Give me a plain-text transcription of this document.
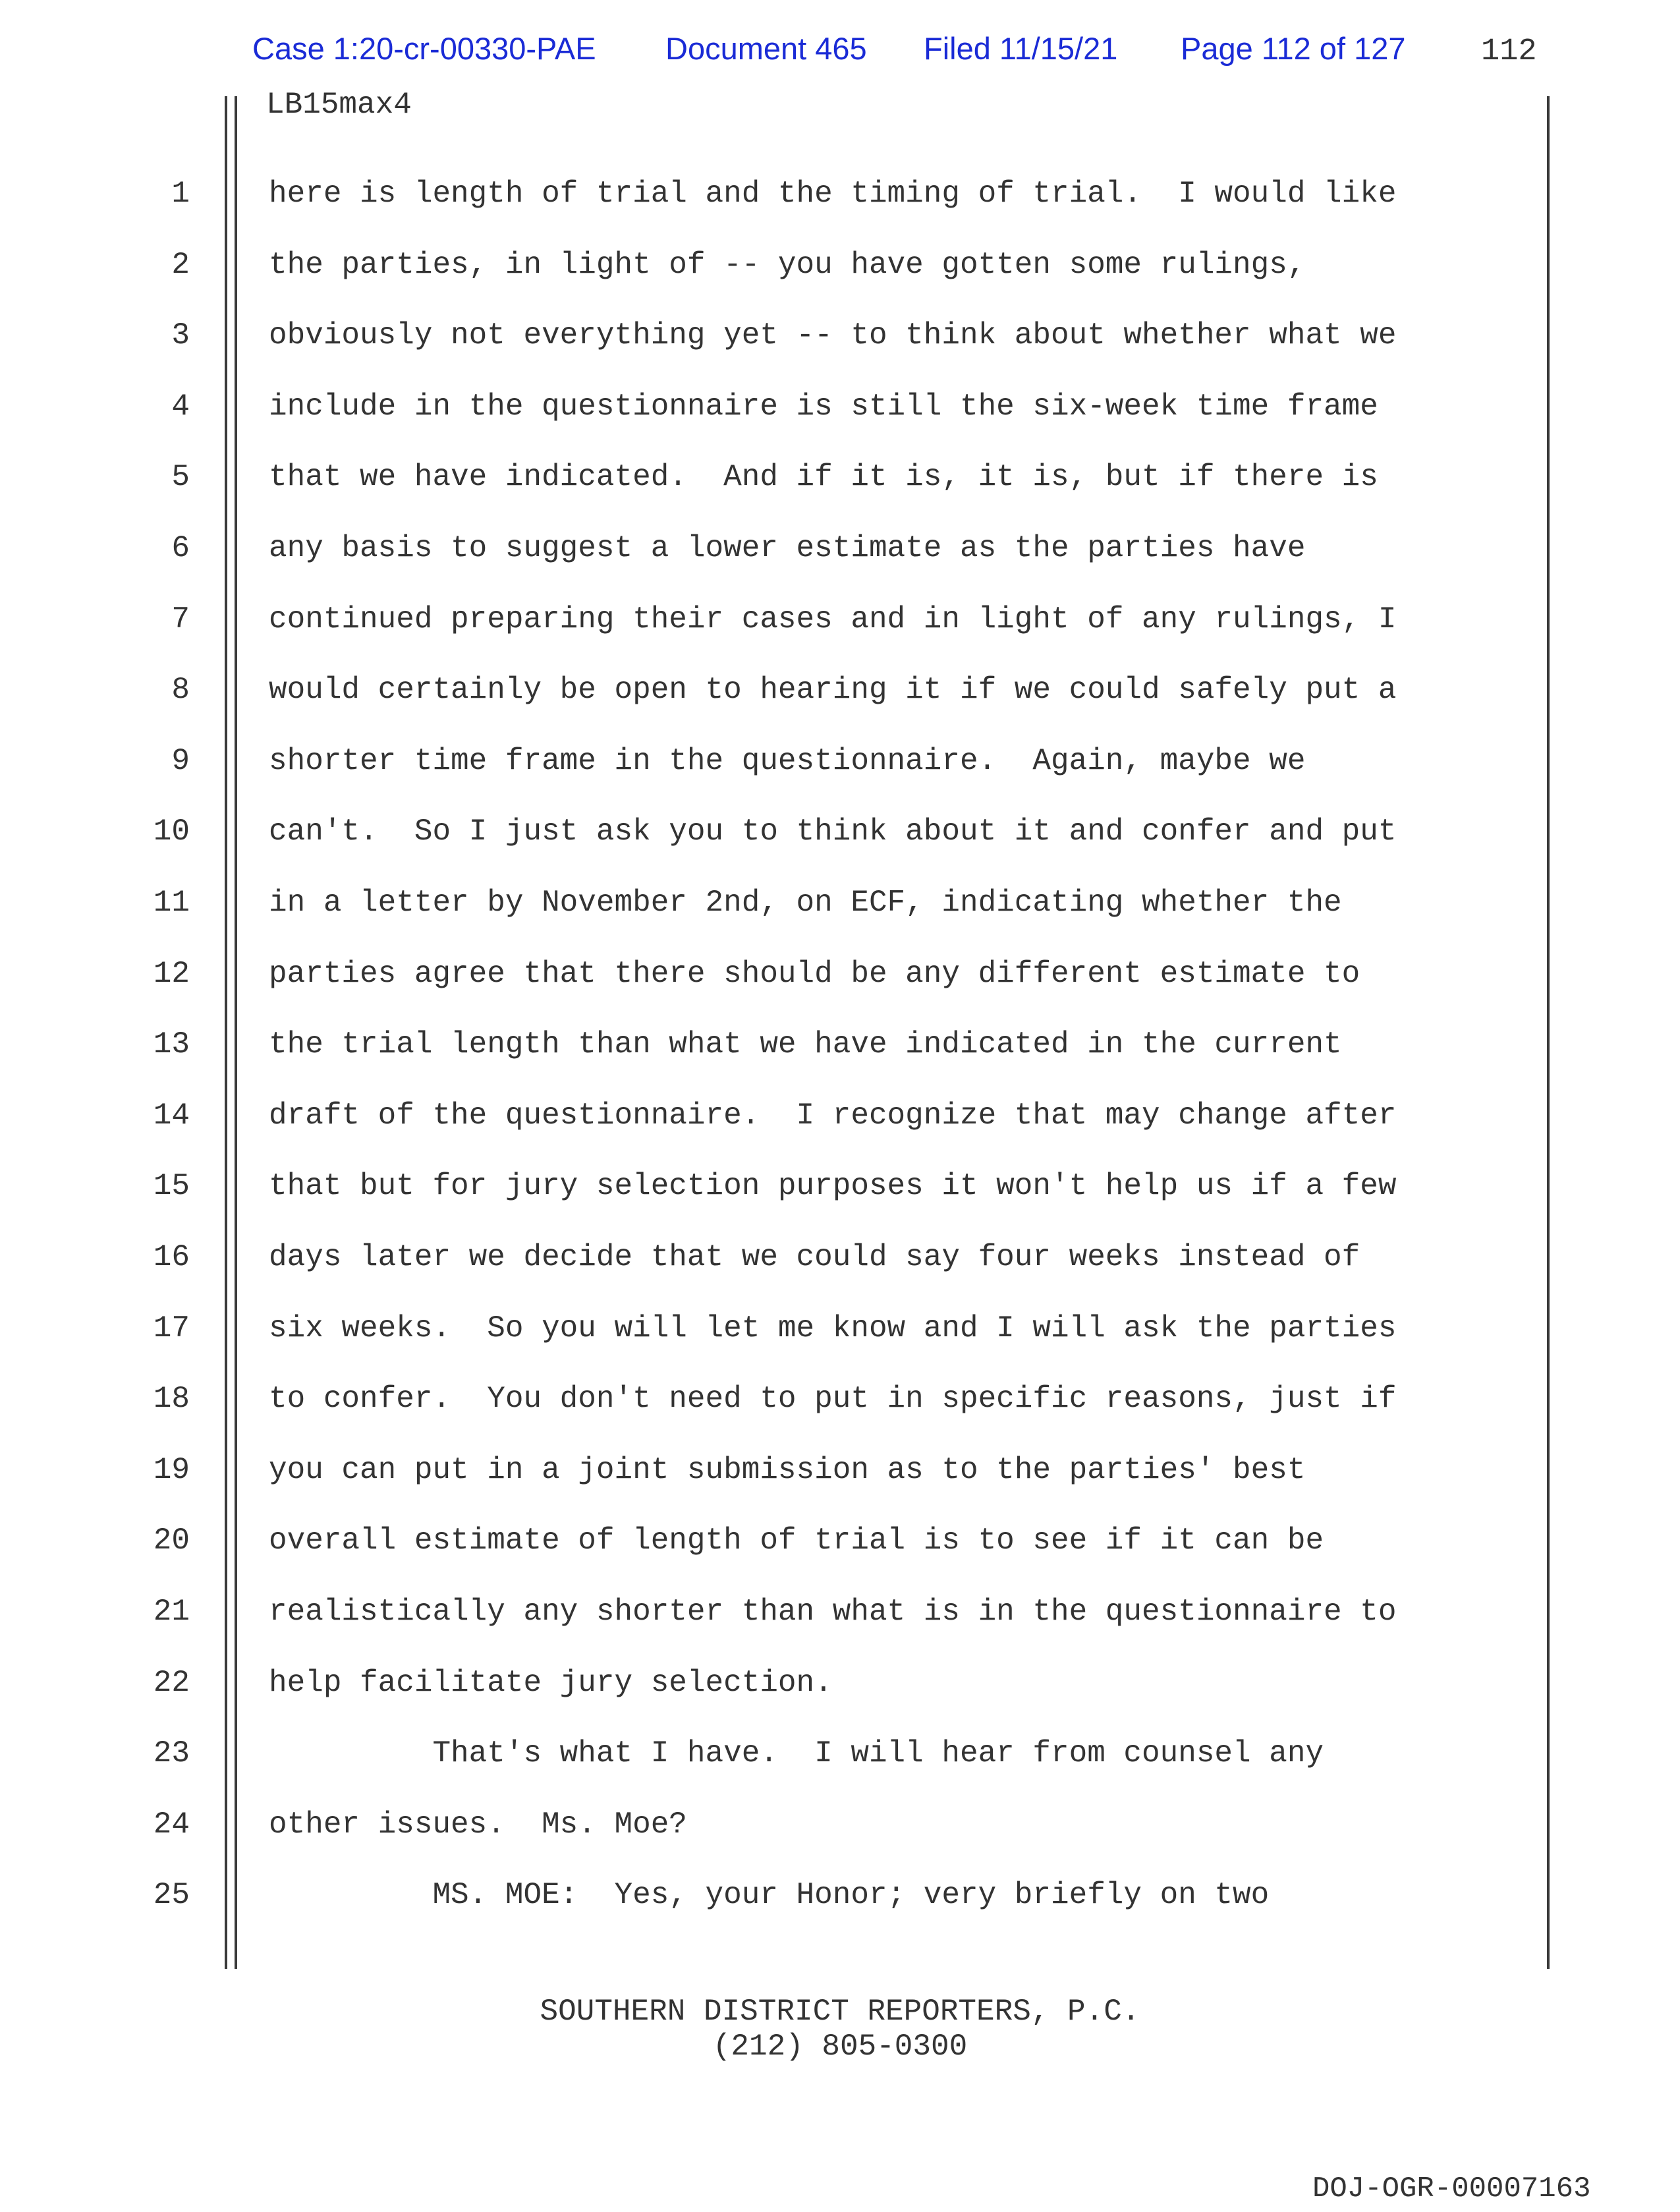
Case 1:20-cr-00330-PAE Document 465 Filed 11/15/21 Page 112 of 127 112
LB15max4
1	here is length of trial and the timing of trial.  I would like
2	the parties, in light of -- you have gotten some rulings,
3	obviously not everything yet -- to think about whether what we
4	include in the questionnaire is still the six-week time frame
5	that we have indicated.  And if it is, it is, but if there is
6	any basis to suggest a lower estimate as the parties have
7	continued preparing their cases and in light of any rulings, I
8	would certainly be open to hearing it if we could safely put a
9	shorter time frame in the questionnaire.  Again, maybe we
10	can't.  So I just ask you to think about it and confer and put
11	in a letter by November 2nd, on ECF, indicating whether the
12	parties agree that there should be any different estimate to
13	the trial length than what we have indicated in the current
14	draft of the questionnaire.  I recognize that may change after
15	that but for jury selection purposes it won't help us if a few
16	days later we decide that we could say four weeks instead of
17	six weeks.  So you will let me know and I will ask the parties
18	to confer.  You don't need to put in specific reasons, just if
19	you can put in a joint submission as to the parties' best
20	overall estimate of length of trial is to see if it can be
21	realistically any shorter than what is in the questionnaire to
22	help facilitate jury selection.
23	That's what I have.  I will hear from counsel any
24	other issues.  Ms. Moe?
25	MS. MOE:  Yes, your Honor; very briefly on two
SOUTHERN DISTRICT REPORTERS, P.C.
(212) 805-0300
DOJ-OGR-00007163
